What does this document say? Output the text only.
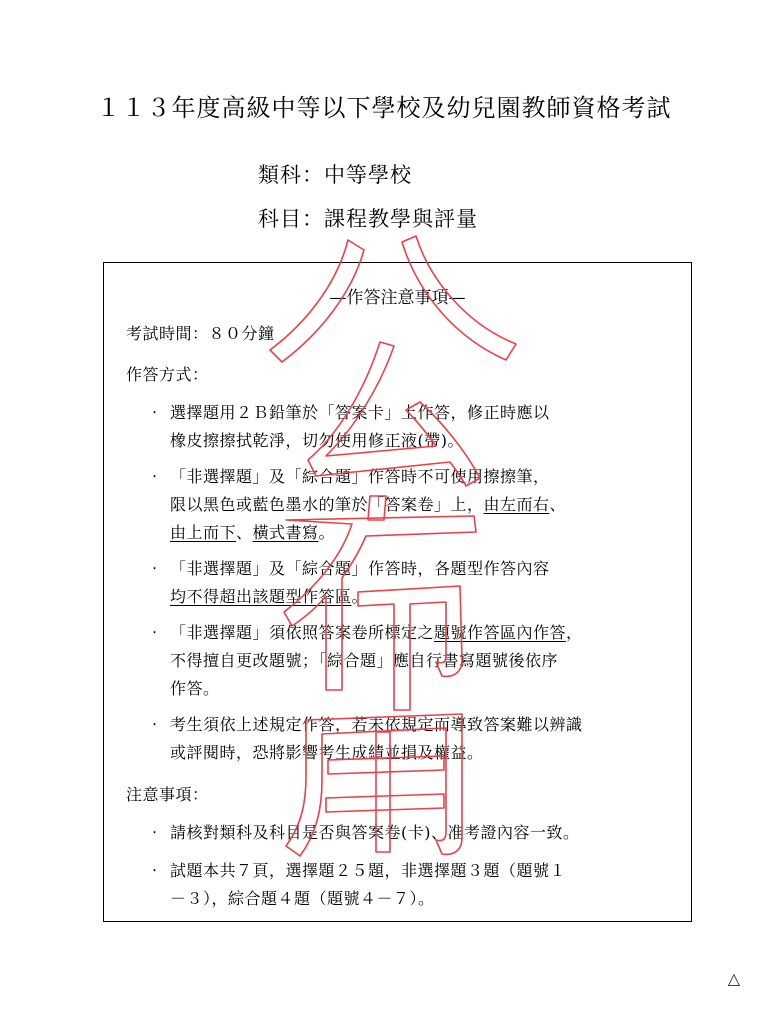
１１３年度高級中等以下學校及幼兒園教師資格考試
類科：中等學校
科目：課程教學與評量
—作答注意事項—
考試時間：８０分鐘
作答方式：
‧ 選擇題用２Ｂ鉛筆於「答案卡」上作答，修正時應以
橡皮擦擦拭乾淨，切勿使用修正液(帶)。
‧ 「非選擇題」及「綜合題」作答時不可使用擦擦筆，
限以黑色或藍色墨水的筆於「答案卷」上，由左而右、
由上而下、橫式書寫。
‧ 「非選擇題」及「綜合題」作答時，各題型作答內容
均不得超出該題型作答區。
‧ 「非選擇題」須依照答案卷所標定之題號作答區內作答，
不得擅自更改題號；「綜合題」應自行書寫題號後依序
作答。
‧ 考生須依上述規定作答，若未依規定而導致答案難以辨識
或評閱時，恐將影響考生成績並損及權益。
注意事項：
‧ 請核對類科及科目是否與答案卷(卡)、准考證內容一致。
‧ 試題本共７頁，選擇題２５題，非選擇題３題（題號１
－３），綜合題４題（題號４－７）。
△
